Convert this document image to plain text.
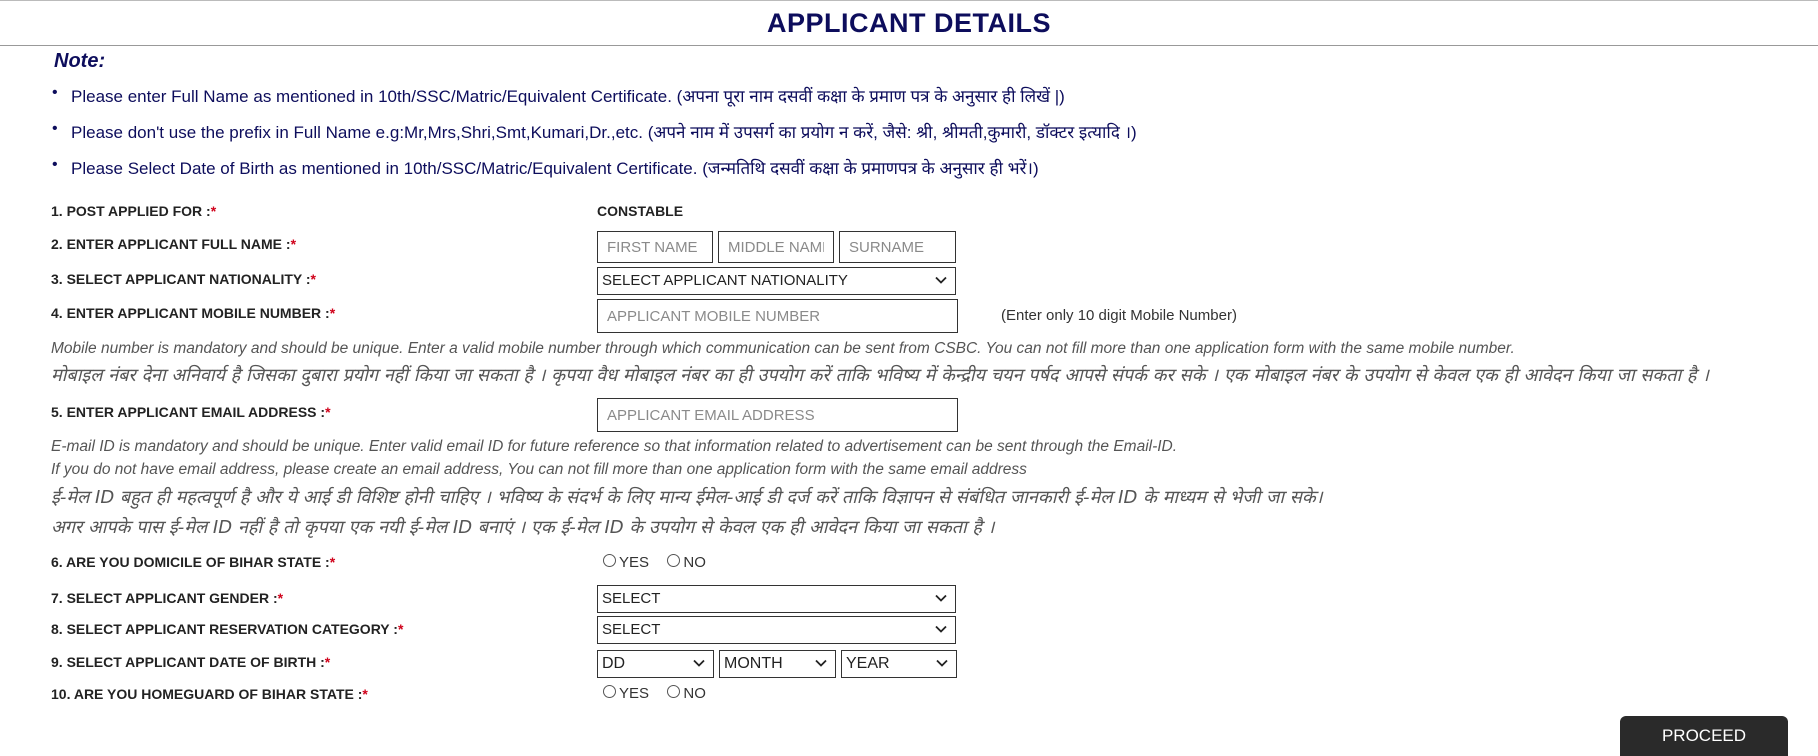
APPLICANT DETAILS
Note:
• Please enter Full Name as mentioned in 10th/SSC/Matric/Equivalent Certificate. (अपना पूरा नाम दसवीं कक्षा के प्रमाण पत्र के अनुसार ही लिखें |)
• Please don't use the prefix in Full Name e.g:Mr,Mrs,Shri,Smt,Kumari,Dr.,etc. (अपने नाम में उपसर्ग का प्रयोग न करें, जैसे: श्री, श्रीमती,कुमारी, डॉक्टर इत्यादि ।)
• Please Select Date of Birth as mentioned in 10th/SSC/Matric/Equivalent Certificate. (जन्मतिथि दसवीं कक्षा के प्रमाणपत्र के अनुसार ही भरें।)
1. POST APPLIED FOR :*	CONSTABLE
2. ENTER APPLICANT FULL NAME :*
FIRST NAME
MIDDLE NAME
SURNAME
3. SELECT APPLICANT NATIONALITY :*	SELECT APPLICANT NATIONALITY
4. ENTER APPLICANT MOBILE NUMBER :*
APPLICANT MOBILE NUMBER	(Enter only 10 digit Mobile Number)
Mobile number is mandatory and should be unique. Enter a valid mobile number through which communication can be sent from CSBC. You can not fill more than one application form with the same mobile number.
मोबाइल नंबर देना अनिवार्य है जिसका दुबारा प्रयोग नहीं किया जा सकता है । कृपया वैध मोबाइल नंबर का ही उपयोग करें ताकि भविष्य में केन्द्रीय चयन पर्षद आपसे संपर्क कर सके । एक मोबाइल नंबर के उपयोग से केवल एक ही आवेदन किया जा सकता है ।
5. ENTER APPLICANT EMAIL ADDRESS :*
APPLICANT EMAIL ADDRESS
E-mail ID is mandatory and should be unique. Enter valid email ID for future reference so that information related to advertisement can be sent through the Email-ID.
If you do not have email address, please create an email address, You can not fill more than one application form with the same email address
ई-मेल ID बहुत ही महत्वपूर्ण है और ये आई डी विशिष्ट होनी चाहिए । भविष्य के संदर्भ के लिए मान्य ईमेल-आई डी दर्ज करें ताकि विज्ञापन से संबंधित जानकारी ई-मेल ID के माध्यम से भेजी जा सके।
अगर आपके पास ई-मेल ID नहीं है तो कृपया एक नयी ई-मेल ID बनाएं । एक ई-मेल ID के उपयोग से केवल एक ही आवेदन किया जा सकता है ।
6. ARE YOU DOMICILE OF BIHAR STATE :*	YES NO
7. SELECT APPLICANT GENDER :*	SELECT
8. SELECT APPLICANT RESERVATION CATEGORY :*	SELECT
9. SELECT APPLICANT DATE OF BIRTH :*	DD	MONTH	YEAR
10. ARE YOU HOMEGUARD OF BIHAR STATE :*	YES NO
PROCEED
